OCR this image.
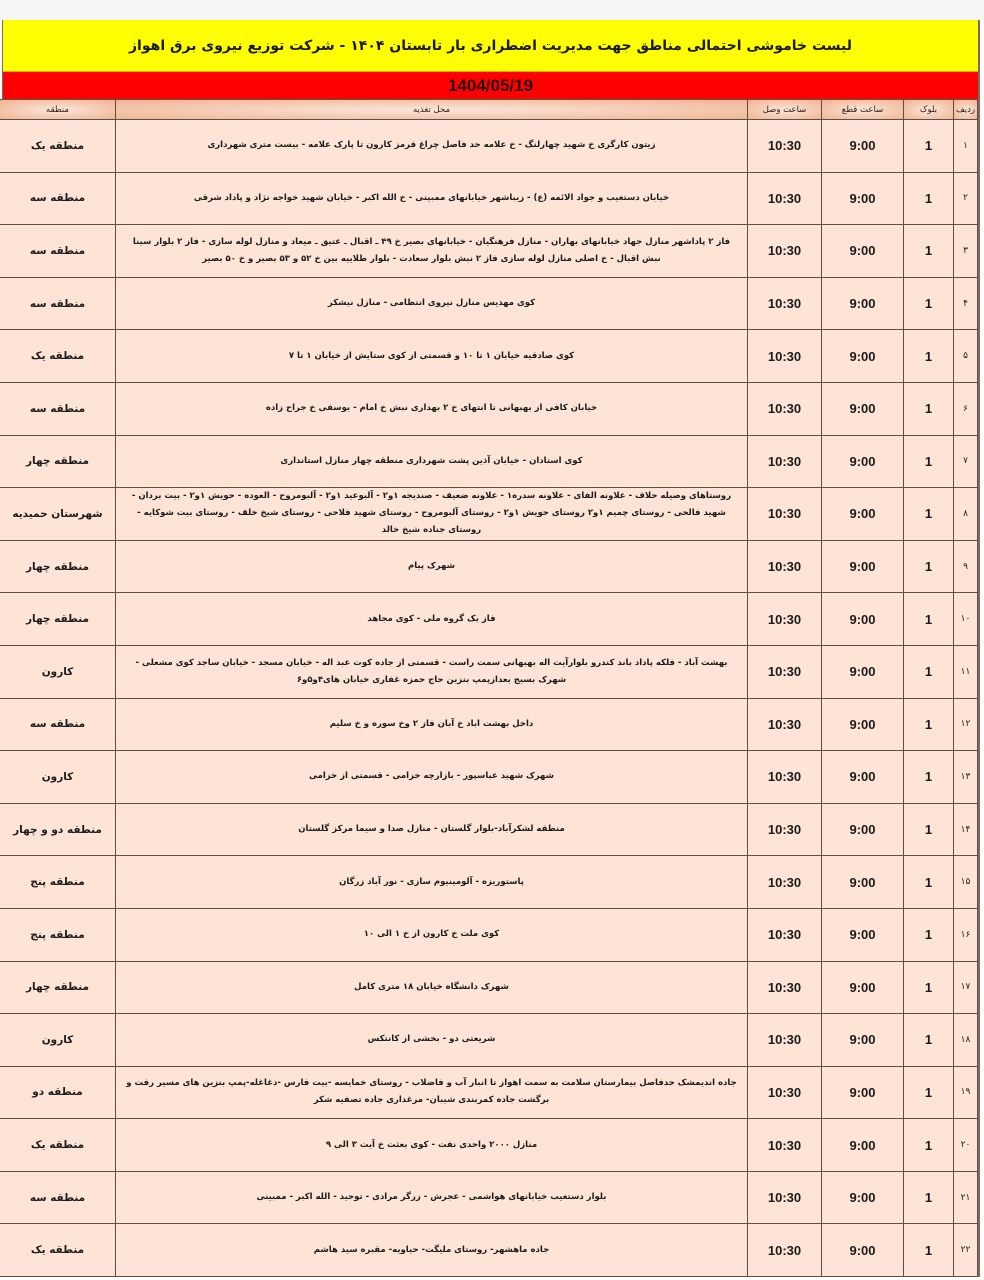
لیست خاموشی احتمالی مناطق جهت مدیریت اضطراری بار تابستان ۱۴۰۴ - شرکت توزیع نیروی برق اهواز
1404/05/19
ردیف	بلوک	ساعت قطع	ساعت وصل	محل تغذیه	منطقه
۱	1	9:00	10:30	زیتون کارگری خ شهید چهارلنگ - خ علامه حد فاصل چراغ قرمز کارون تا پارک علامه - بیست متری شهرداری	منطقه یک
۲	1	9:00	10:30	خیابان دستغیب و جواد الائمه (ع) - زیباشهر خیابانهای ممبینی - خ الله اکبر - خیابان شهید خواجه نژاد و پاداد شرقی	منطقه سه
۳	1	9:00	10:30	فاز ۲ پاداشهر منازل جهاد خیابانهای بهاران - منازل فرهنگیان - خیابانهای بصیر خ ۴۹ ـ اقبال ـ عتیق ـ میعاد و منازل لوله سازی - فاز ۲ بلوار سینا نبش اقبال - خ اصلی منازل لوله سازی فاز ۲ نبش بلوار سعادت - بلوار طلاییه بین خ ۵۲ و ۵۳ بصیر و خ ۵۰ بصیر	منطقه سه
۴	1	9:00	10:30	کوی مهدیس منازل نیروی انتظامی - منازل نیشکر	منطقه سه
۵	1	9:00	10:30	کوی صادقیه خیابان ۱ تا ۱۰ و قسمتی از کوی ستایش از خیابان ۱ تا ۷	منطقه یک
۶	1	9:00	10:30	خیابان کافی از بهبهانی تا انتهای خ ۲ بهداری نبش خ امام - یوسفی خ جراح زاده	منطقه سه
۷	1	9:00	10:30	کوی استادان - خیابان آذین پشت شهرداری منطقه چهار منازل استانداری	منطقه چهار
۸	1	9:00	10:30	روستاهای وصیله حلاف - علاونه الفای - علاونه سدره۱ - علاونه ضعیف - صندیجه ۱و۲ - آلبوعید ۱و۲ - آلبومروح - العوده - حویش ۱و۲ - بیت بردان - شهید فالحی - روستای چمیم ۱و۲ روستای حویش ۱و۲ - روستای آلبومروح - روستای شهید فلاحی - روستای شیخ خلف - روستای بیت شوکایه - روستای جناده شیخ خالد	شهرستان حمیدیه
۹	1	9:00	10:30	شهرک پیام	منطقه چهار
۱۰	1	9:00	10:30	فاز یک گروه ملی - کوی مجاهد	منطقه چهار
۱۱	1	9:00	10:30	بهشت آباد - فلکه پاداد باند کندرو بلوارآیت اله بهبهانی سمت راست - قسمتی از جاده کوت عبد اله - خیابان مسجد - خیابان ساجد کوی مشعلی - شهرک بسیج بعدازپمپ بنزین حاج حمزه غفاری خیابان های۴و۵و۶	کارون
۱۲	1	9:00	10:30	داخل بهشت اباد خ آبان فاز ۲ وخ سوره و خ سلیم	منطقه سه
۱۳	1	9:00	10:30	شهرک شهید عباسپور - بازارچه خزامی - قسمتی از خزامی	کارون
۱۴	1	9:00	10:30	منطقه لشکرآباد-بلوار گلستان - منازل صدا و سیما مرکز گلستان	منطقه دو و چهار
۱۵	1	9:00	10:30	پاستوریزه - آلومینیوم سازی - نور آباد زرگان	منطقه پنج
۱۶	1	9:00	10:30	کوی ملت خ کارون از خ ۱ الی ۱۰	منطقه پنج
۱۷	1	9:00	10:30	شهرک دانشگاه خیابان ۱۸ متری کامل	منطقه چهار
۱۸	1	9:00	10:30	شریعتی دو - بخشی از کانتکس	کارون
۱۹	1	9:00	10:30	جاده اندیمشک حدفاصل بیمارستان سلامت به سمت اهواز تا انبار آب و فاضلاب - روستای خمایسه -بیت فارس -دغاغله-پمپ بنزین های مسیر رفت و برگشت جاده کمربندی شیبان- مرغداری جاده تصفیه شکر	منطقه دو
۲۰	1	9:00	10:30	منازل ۲۰۰۰ واحدی نفت - کوی بعثت خ آیت ۳ الی ۹	منطقه یک
۲۱	1	9:00	10:30	بلوار دستغیب خیابانهای هواشمی - عجرش - زرگر مرادی - توحید - الله اکبر - ممبینی	منطقه سه
۲۲	1	9:00	10:30	جاده ماهشهر- روستای ملیگت- حیاویه- مقبره سید هاشم	منطقه یک
